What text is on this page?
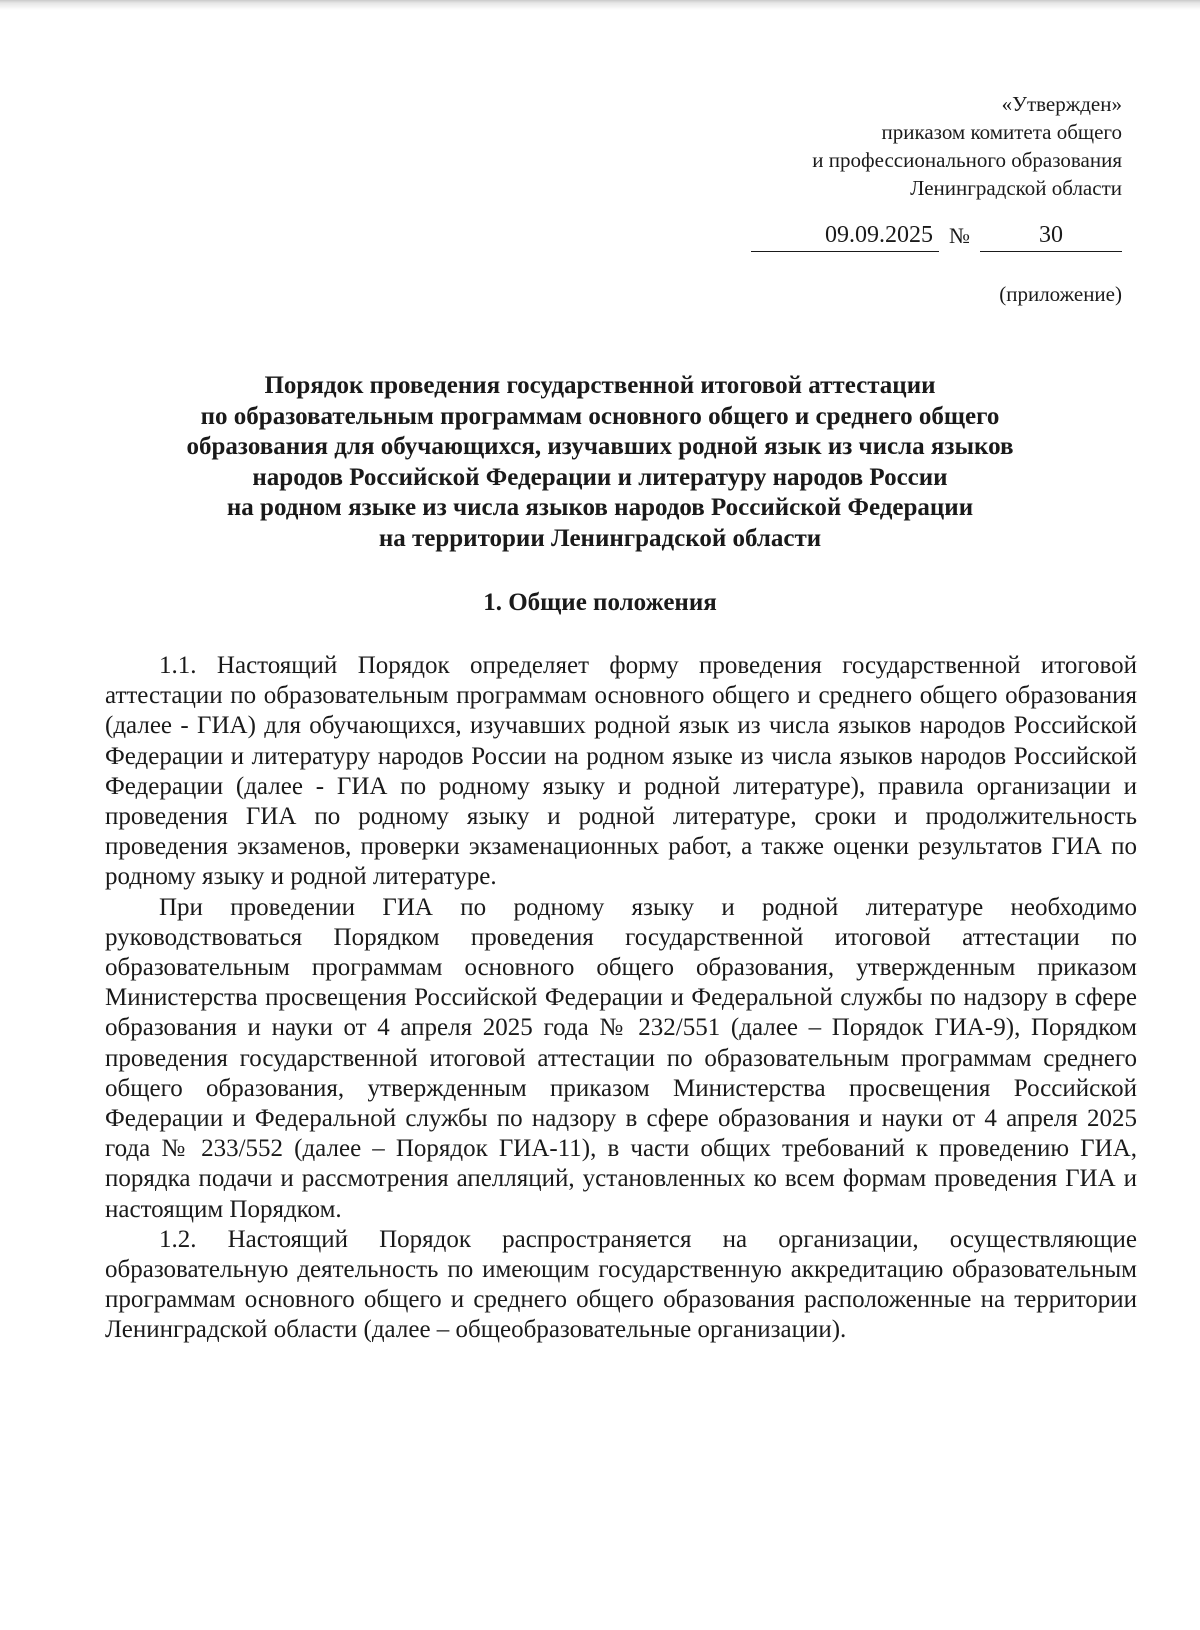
«Утвержден»
приказом комитета общего
и профессионального образования
Ленинградской области
09.09.2025 №	30
(приложение)
Порядок проведения государственной итоговой аттестации
по образовательным программам основного общего и среднего общего
образования для обучающихся, изучавших родной язык из числа языков
народов Российской Федерации и литературу народов России
на родном языке из числа языков народов Российской Федерации
на территории Ленинградской области
1. Общие положения

1.1. Настоящий Порядок определяет форму проведения государственной итоговой аттестации по образовательным программам основного общего и среднего общего образования (далее - ГИА) для обучающихся, изучавших родной язык из числа языков народов Российской Федерации и литературу народов России на родном языке из числа языков народов Российской Федерации (далее - ГИА по родному языку и родной литературе), правила организации и проведения ГИА по родному языку и родной литературе, сроки и продолжительность проведения экзаменов, проверки экзаменационных работ, а также оценки результатов ГИА по родному языку и родной литературе.

При проведении ГИА по родному языку и родной литературе необходимо руководствоваться Порядком проведения государственной итоговой аттестации по образовательным программам основного общего образования, утвержденным приказом Министерства просвещения Российской Федерации и Федеральной службы по надзору в сфере образования и науки от 4 апреля 2025 года № 232/551 (далее – Порядок ГИА-9), Порядком проведения государственной итоговой аттестации по образовательным программам среднего общего образования, утвержденным приказом Министерства просвещения Российской Федерации и Федеральной службы по надзору в сфере образования и науки от 4 апреля 2025 года № 233/552 (далее – Порядок ГИА-11), в части общих требований к проведению ГИА, порядка подачи и рассмотрения апелляций, установленных ко всем формам проведения ГИА и настоящим Порядком.

1.2. Настоящий Порядок распространяется на организации, осуществляющие образовательную деятельность по имеющим государственную аккредитацию образовательным программам основного общего и среднего общего образования расположенные на территории Ленинградской области (далее – общеобразовательные организации).
